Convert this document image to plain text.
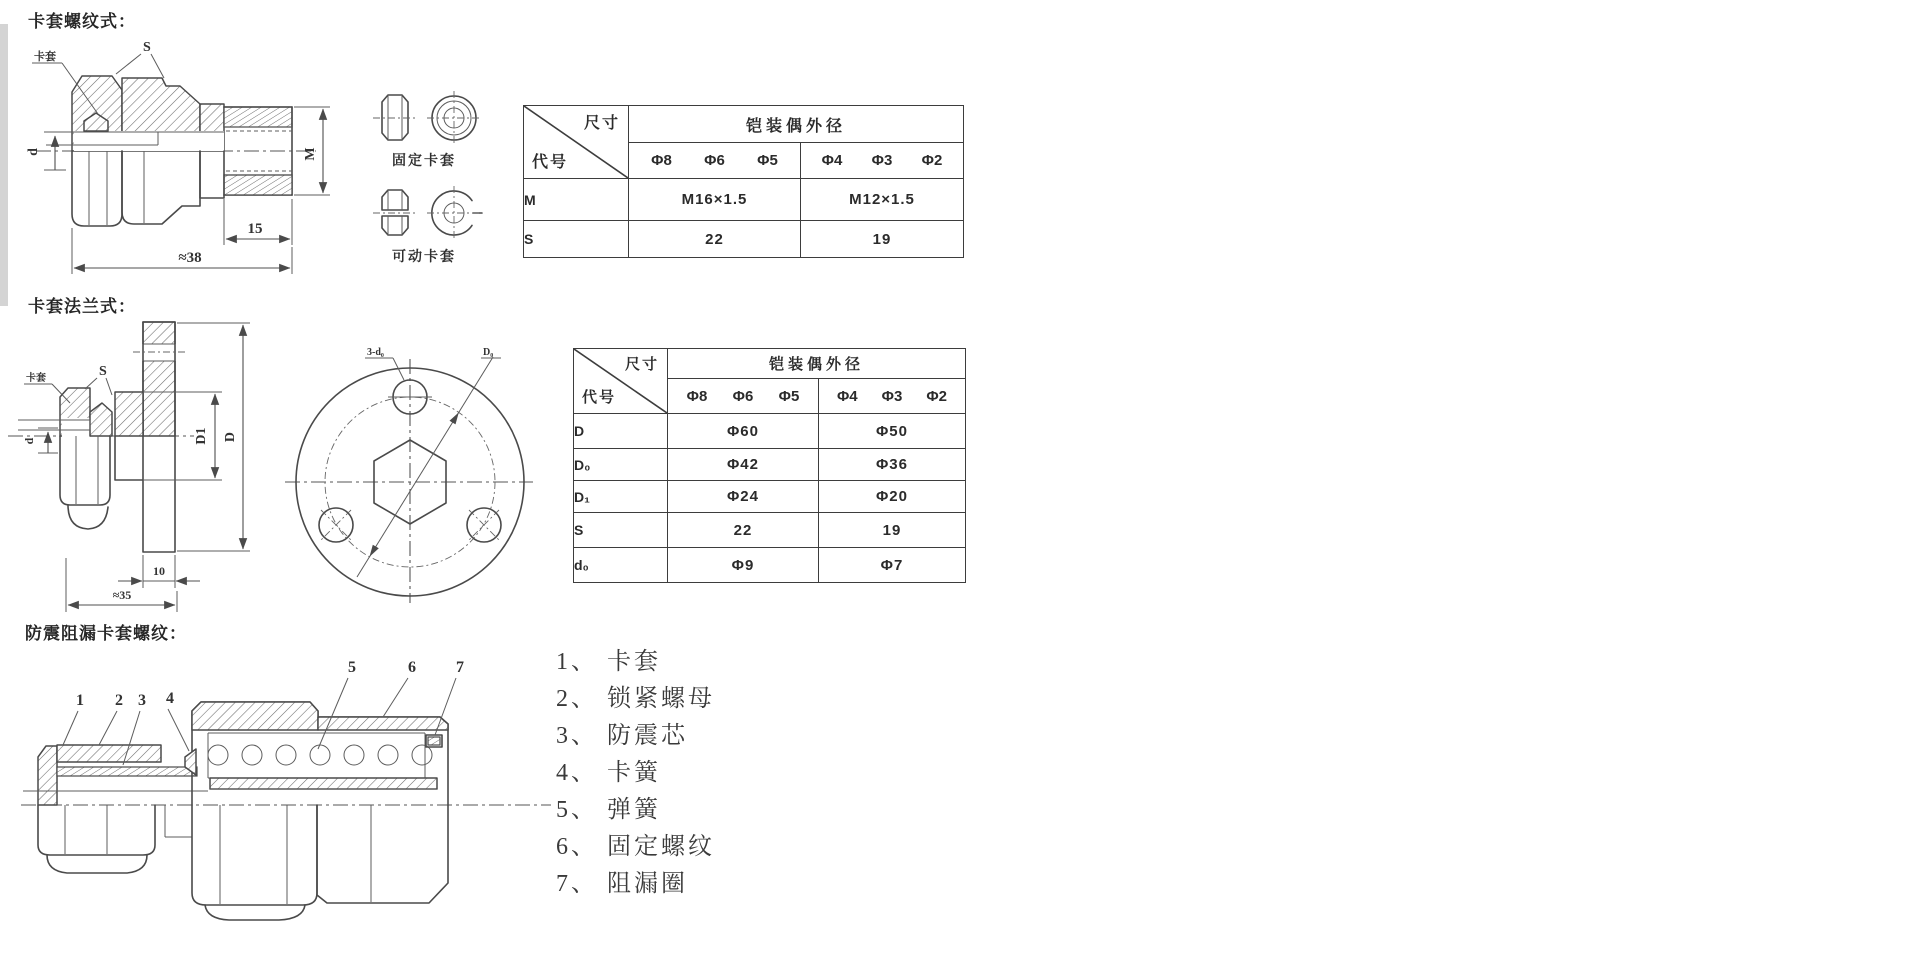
卡套螺纹式：
卡套
S
M
d
15
≈38
固定卡套
可动卡套
尺寸
代号	铠装偶外径	

	Φ8 Φ6 Φ5	Φ4 Φ3 Φ2

M	M16×1.5	M12×1.5
S	22	19
卡套法兰式：
卡套	S
d	D1 D
10
≈35
3-d₀	D₀
尺寸
代号	铠装偶外径	

	Φ8 Φ6 Φ5	Φ4 Φ3 Φ2

D	Φ60	Φ50
D₀	Φ42	Φ36
D₁	Φ24	Φ20
S	22	19
d₀	Φ9	Φ7
防震阻漏卡套螺纹：
1 2 3 4
5	6	7	1、 卡套
2、 锁紧螺母
3、 防震芯
4、 卡簧
5、 弹簧
6、 固定螺纹
7、 阻漏圈
